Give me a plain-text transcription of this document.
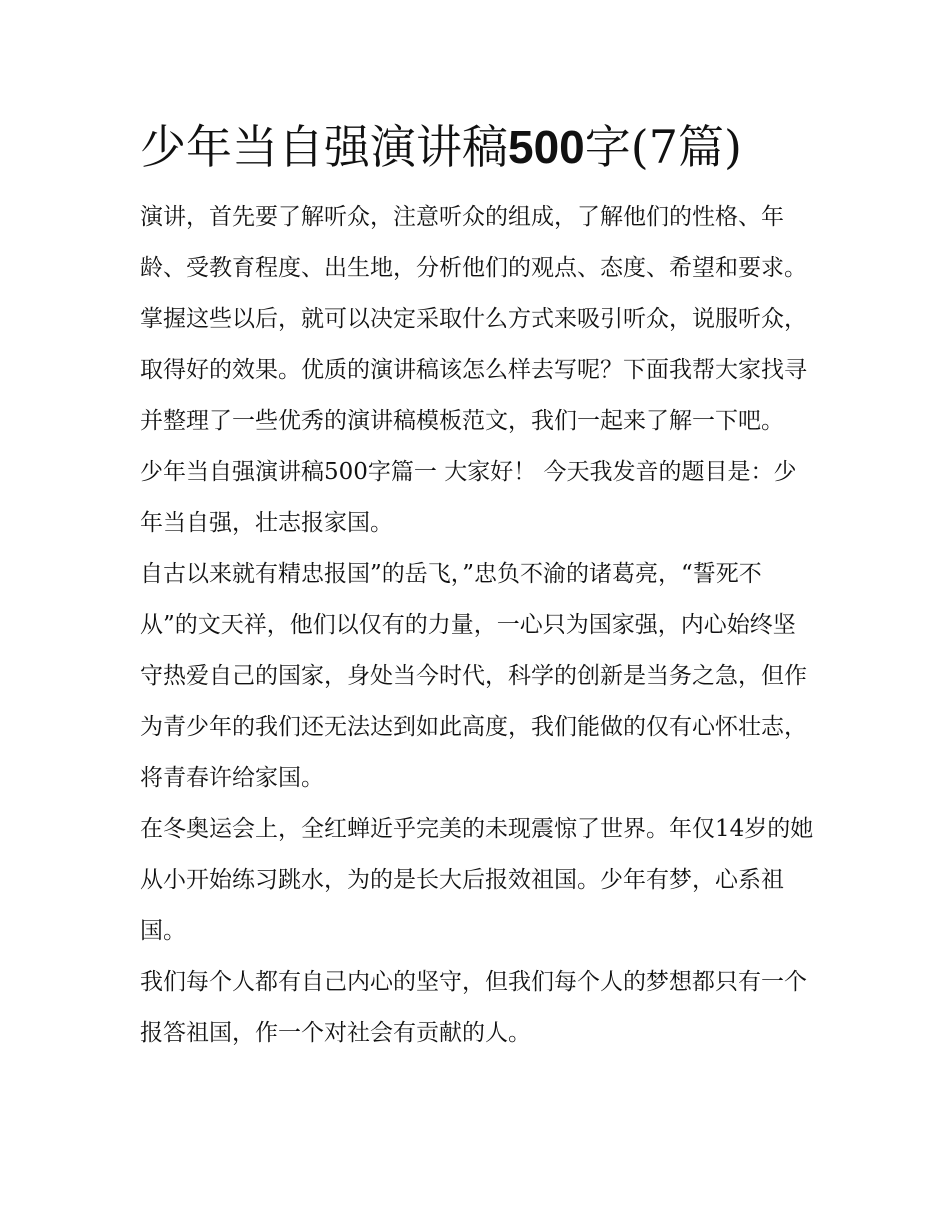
少年当自强演讲稿500字(7篇)

演讲，首先要了解听众，注意听众的组成，了解他们的性格、年龄、受教育程度、出生地，分析他们的观点、态度、希望和要求。掌握这些以后，就可以决定采取什么方式来吸引听众，说服听众，取得好的效果。优质的演讲稿该怎么样去写呢？下面我帮大家找寻并整理了一些优秀的演讲稿模板范文，我们一起来了解一下吧。

少年当自强演讲稿500字篇一 大家好！ 今天我发音的题目是：少年当自强，壮志报家国。

自古以来就有精忠报国”的岳飞，”忠负不渝的诸葛亮，“誓死不从”的文天祥，他们以仅有的力量，一心只为国家强，内心始终坚守热爱自己的国家，身处当今时代，科学的创新是当务之急，但作为青少年的我们还无法达到如此高度，我们能做的仅有心怀壮志，将青春许给家国。

在冬奥运会上，全红蝉近乎完美的未现震惊了世界。年仅14岁的她从小开始练习跳水，为的是长大后报效祖国。少年有梦，心系祖国。

我们每个人都有自己内心的坚守，但我们每个人的梦想都只有一个报答祖国，作一个对社会有贡献的人。
